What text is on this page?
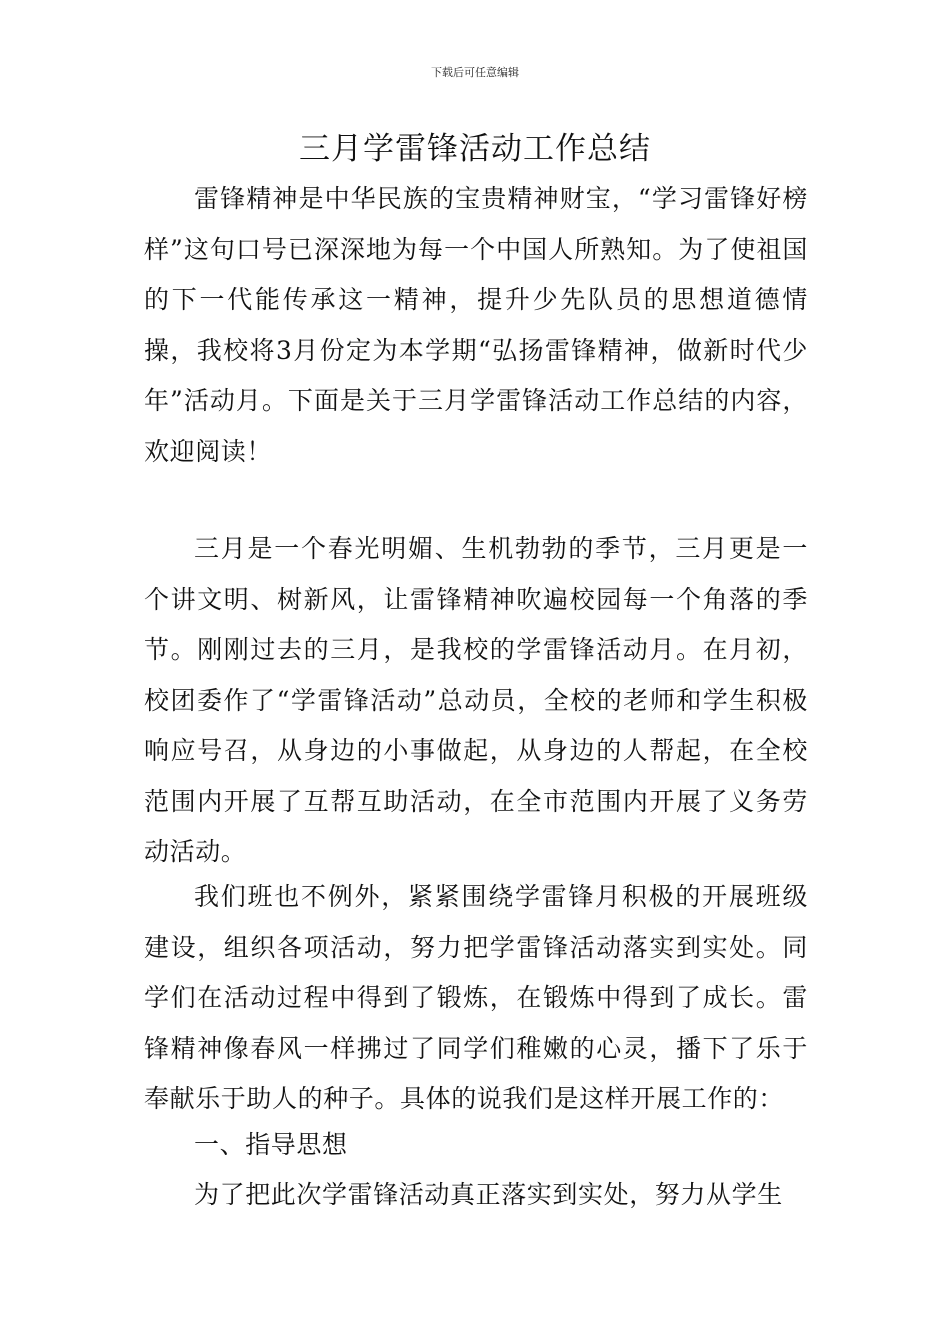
下载后可任意编辑
三月学雷锋活动工作总结

雷锋精神是中华民族的宝贵精神财宝，“学习雷锋好榜样”这句口号已深深地为每一个中国人所熟知。为了使祖国的下一代能传承这一精神，提升少先队员的思想道德情操，我校将3月份定为本学期“弘扬雷锋精神，做新时代少年”活动月。下面是关于三月学雷锋活动工作总结的内容，欢迎阅读！

三月是一个春光明媚、生机勃勃的季节，三月更是一个讲文明、树新风，让雷锋精神吹遍校园每一个角落的季节。刚刚过去的三月，是我校的学雷锋活动月。在月初，校团委作了“学雷锋活动”总动员，全校的老师和学生积极响应号召，从身边的小事做起，从身边的人帮起，在全校范围内开展了互帮互助活动，在全市范围内开展了义务劳动活动。

我们班也不例外，紧紧围绕学雷锋月积极的开展班级建设，组织各项活动，努力把学雷锋活动落实到实处。同学们在活动过程中得到了锻炼，在锻炼中得到了成长。雷锋精神像春风一样拂过了同学们稚嫩的心灵，播下了乐于奉献乐于助人的种子。具体的说我们是这样开展工作的：

一、指导思想

为了把此次学雷锋活动真正落实到实处，努力从学生
